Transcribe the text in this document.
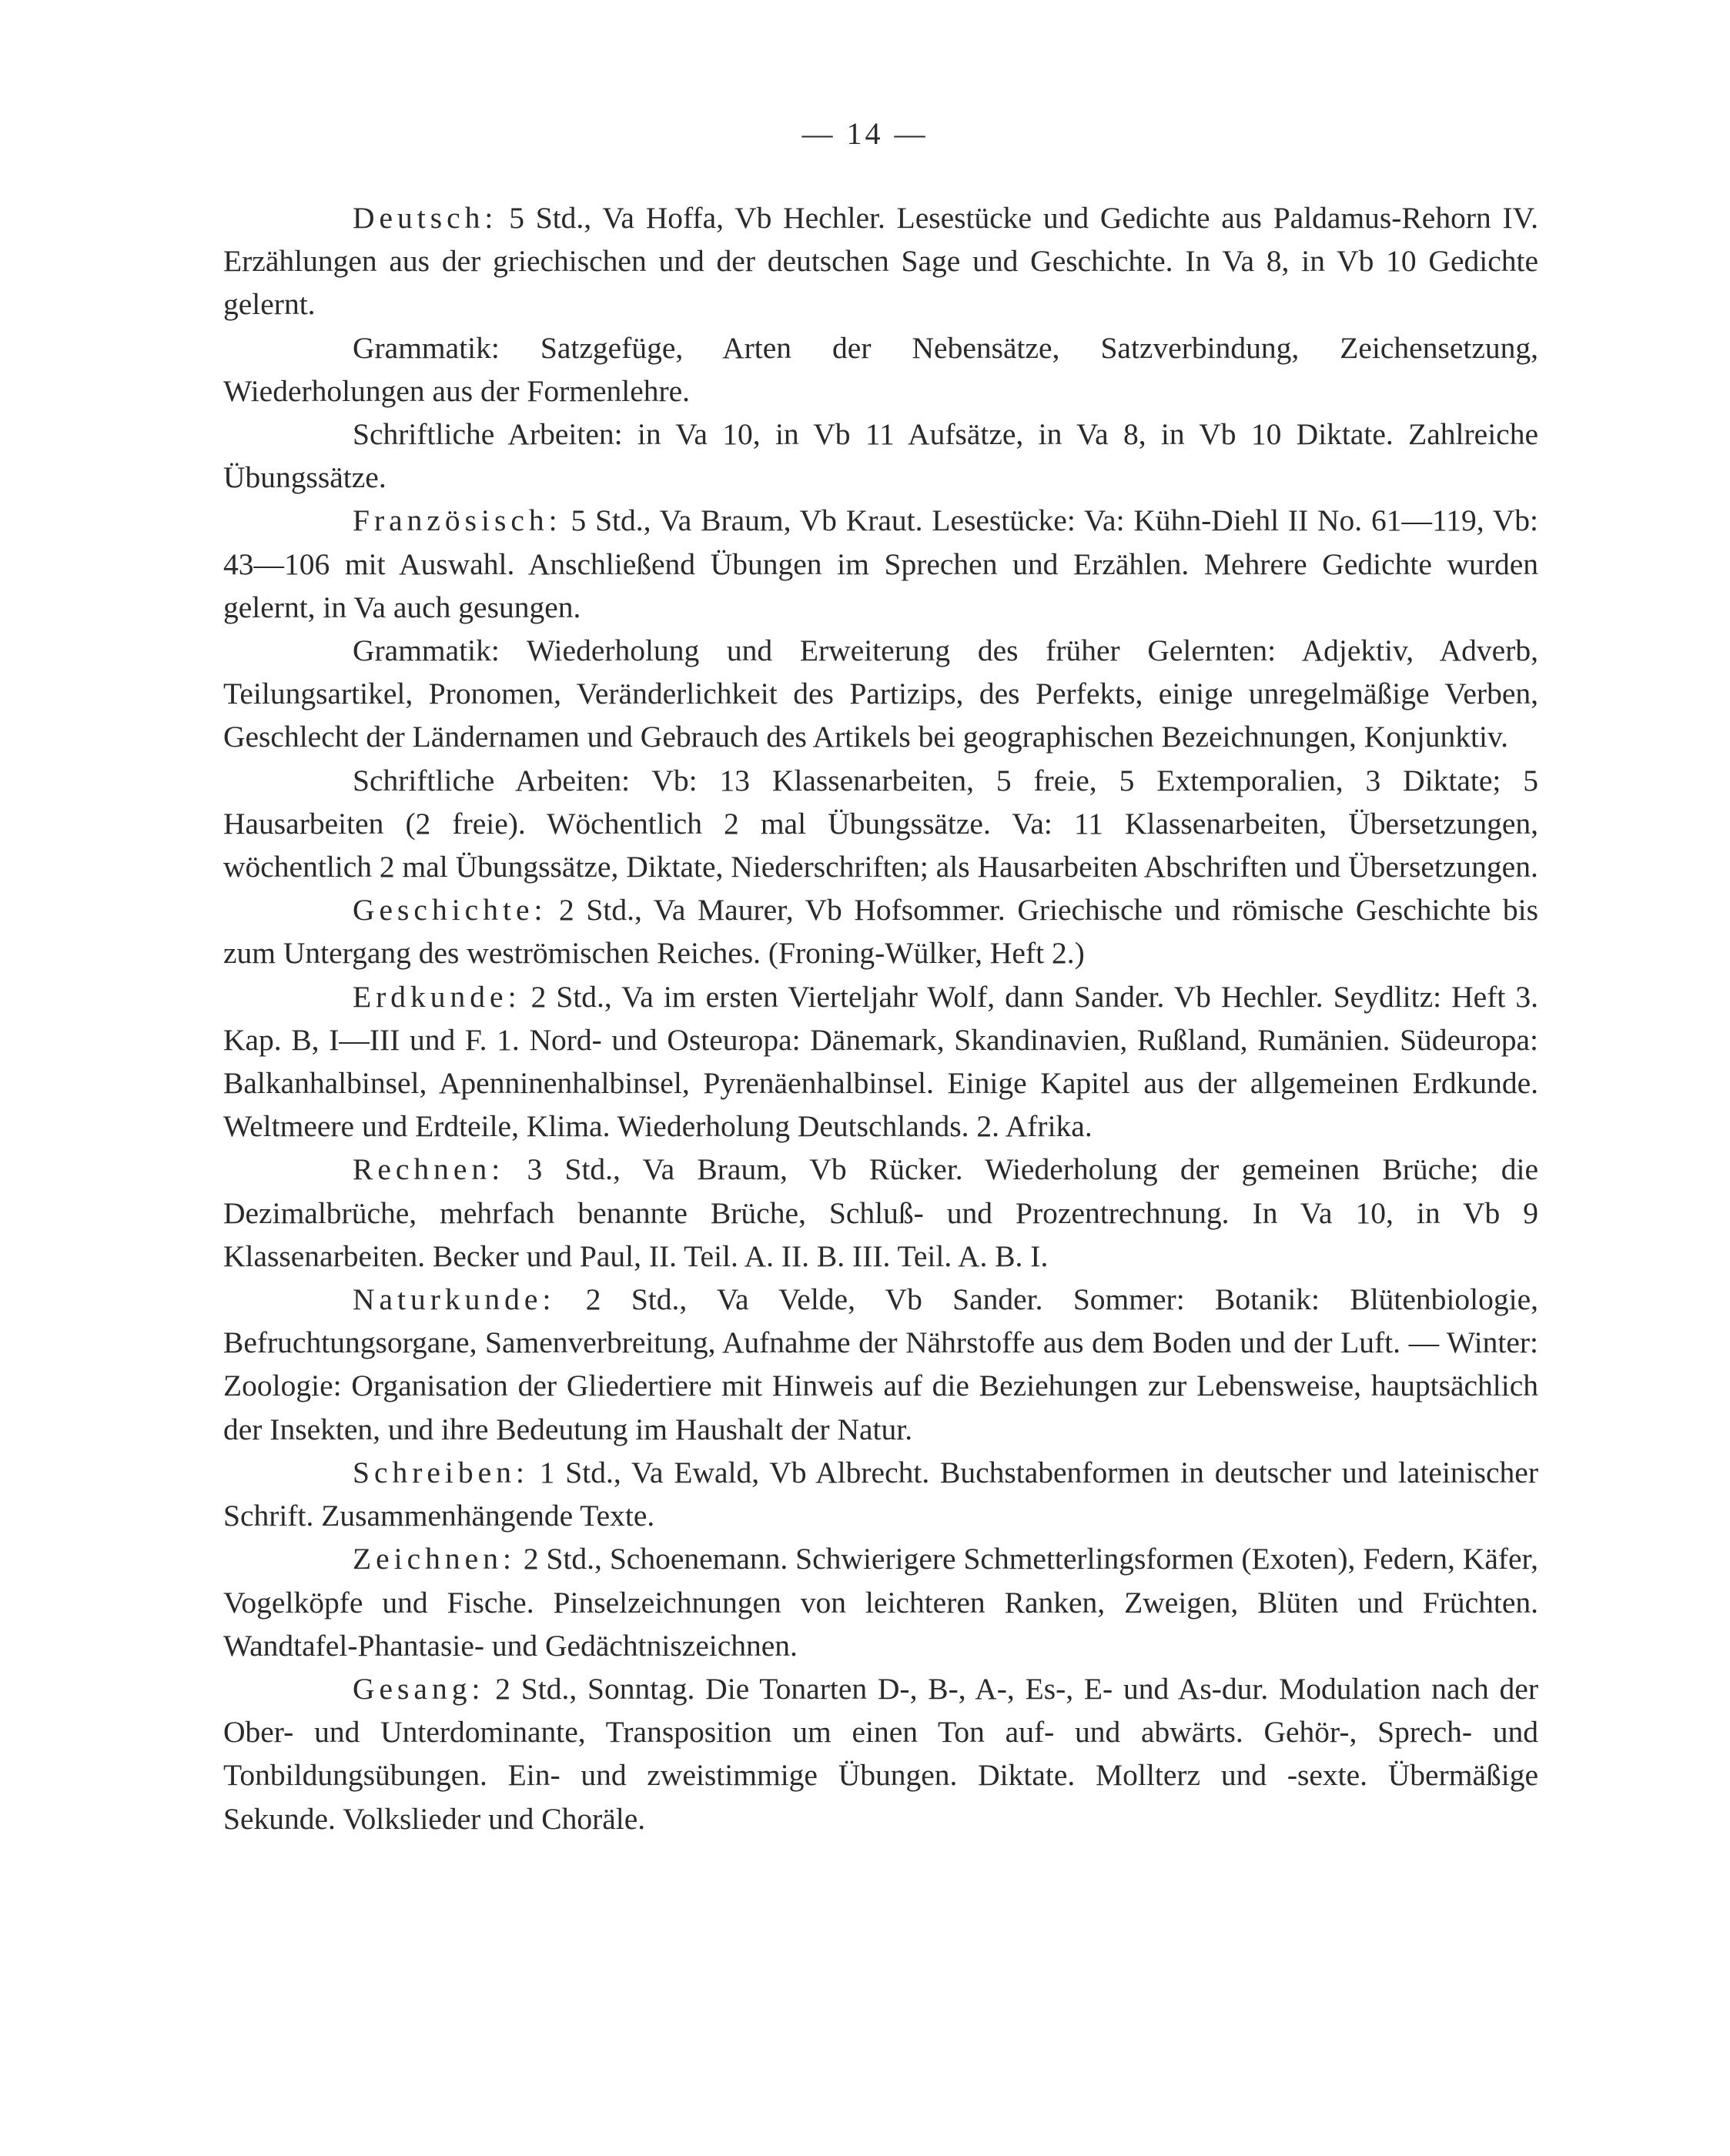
— 14 —

Deutsch: 5 Std., Va Hoffa, Vb Hechler. Lesestücke und Gedichte aus Paldamus-Rehorn IV. Erzählungen aus der griechischen und der deutschen Sage und Geschichte. In Va 8, in Vb 10 Gedichte gelernt.

Grammatik: Satzgefüge, Arten der Nebensätze, Satzverbindung, Zeichensetzung, Wiederholungen aus der Formenlehre.

Schriftliche Arbeiten: in Va 10, in Vb 11 Aufsätze, in Va 8, in Vb 10 Diktate. Zahlreiche Übungssätze.

Französisch: 5 Std., Va Braum, Vb Kraut. Lesestücke: Va: Kühn-Diehl II No. 61—119, Vb: 43—106 mit Auswahl. Anschließend Übungen im Sprechen und Erzählen. Mehrere Gedichte wurden gelernt, in Va auch gesungen.

Grammatik: Wiederholung und Erweiterung des früher Gelernten: Adjektiv, Adverb, Teilungsartikel, Pronomen, Veränderlichkeit des Partizips, des Perfekts, einige unregelmäßige Verben, Geschlecht der Ländernamen und Gebrauch des Artikels bei geographischen Bezeichnungen, Konjunktiv.

Schriftliche Arbeiten: Vb: 13 Klassenarbeiten, 5 freie, 5 Extemporalien, 3 Diktate; 5 Hausarbeiten (2 freie). Wöchentlich 2 mal Übungssätze. Va: 11 Klassenarbeiten, Übersetzungen, wöchentlich 2 mal Übungssätze, Diktate, Niederschriften; als Hausarbeiten Abschriften und Übersetzungen.

Geschichte: 2 Std., Va Maurer, Vb Hofsommer. Griechische und römische Geschichte bis zum Untergang des weströmischen Reiches. (Froning-Wülker, Heft 2.)

Erdkunde: 2 Std., Va im ersten Vierteljahr Wolf, dann Sander. Vb Hechler. Seydlitz: Heft 3. Kap. B, I—III und F. 1. Nord- und Osteuropa: Dänemark, Skandinavien, Rußland, Rumänien. Südeuropa: Balkanhalbinsel, Apenninenhalbinsel, Pyrenäenhalbinsel. Einige Kapitel aus der allgemeinen Erdkunde. Weltmeere und Erdteile, Klima. Wiederholung Deutschlands. 2. Afrika.

Rechnen: 3 Std., Va Braum, Vb Rücker. Wiederholung der gemeinen Brüche; die Dezimalbrüche, mehrfach benannte Brüche, Schluß- und Prozentrechnung. In Va 10, in Vb 9 Klassenarbeiten. Becker und Paul, II. Teil. A. II. B. III. Teil. A. B. I.

Naturkunde: 2 Std., Va Velde, Vb Sander. Sommer: Botanik: Blütenbiologie, Befruchtungsorgane, Samenverbreitung, Aufnahme der Nährstoffe aus dem Boden und der Luft. — Winter: Zoologie: Organisation der Gliedertiere mit Hinweis auf die Beziehungen zur Lebensweise, hauptsächlich der Insekten, und ihre Bedeutung im Haushalt der Natur.

Schreiben: 1 Std., Va Ewald, Vb Albrecht. Buchstabenformen in deutscher und lateinischer Schrift. Zusammenhängende Texte.

Zeichnen: 2 Std., Schoenemann. Schwierigere Schmetterlingsformen (Exoten), Federn, Käfer, Vogelköpfe und Fische. Pinselzeichnungen von leichteren Ranken, Zweigen, Blüten und Früchten. Wandtafel-Phantasie- und Gedächtniszeichnen.

Gesang: 2 Std., Sonntag. Die Tonarten D-, B-, A-, Es-, E- und As-dur. Modulation nach der Ober- und Unterdominante, Transposition um einen Ton auf- und abwärts. Gehör-, Sprech- und Tonbildungsübungen. Ein- und zweistimmige Übungen. Diktate. Mollterz und -sexte. Übermäßige Sekunde. Volkslieder und Choräle.
